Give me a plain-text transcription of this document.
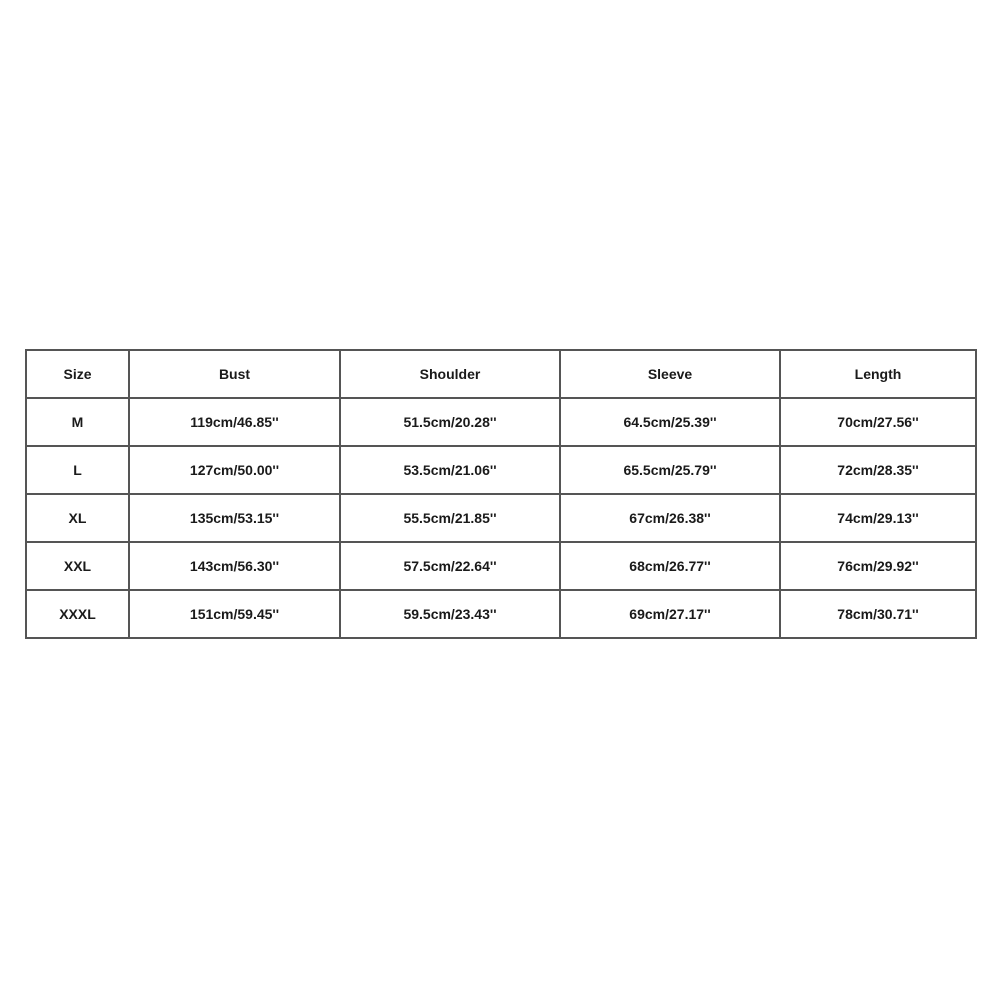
Size	Bust	Shoulder	Sleeve	Length
M	119cm/46.85''	51.5cm/20.28''	64.5cm/25.39''	70cm/27.56''
L	127cm/50.00''	53.5cm/21.06''	65.5cm/25.79''	72cm/28.35''
XL	135cm/53.15''	55.5cm/21.85''	67cm/26.38''	74cm/29.13''
XXL	143cm/56.30''	57.5cm/22.64''	68cm/26.77''	76cm/29.92''
XXXL	151cm/59.45''	59.5cm/23.43''	69cm/27.17''	78cm/30.71''
